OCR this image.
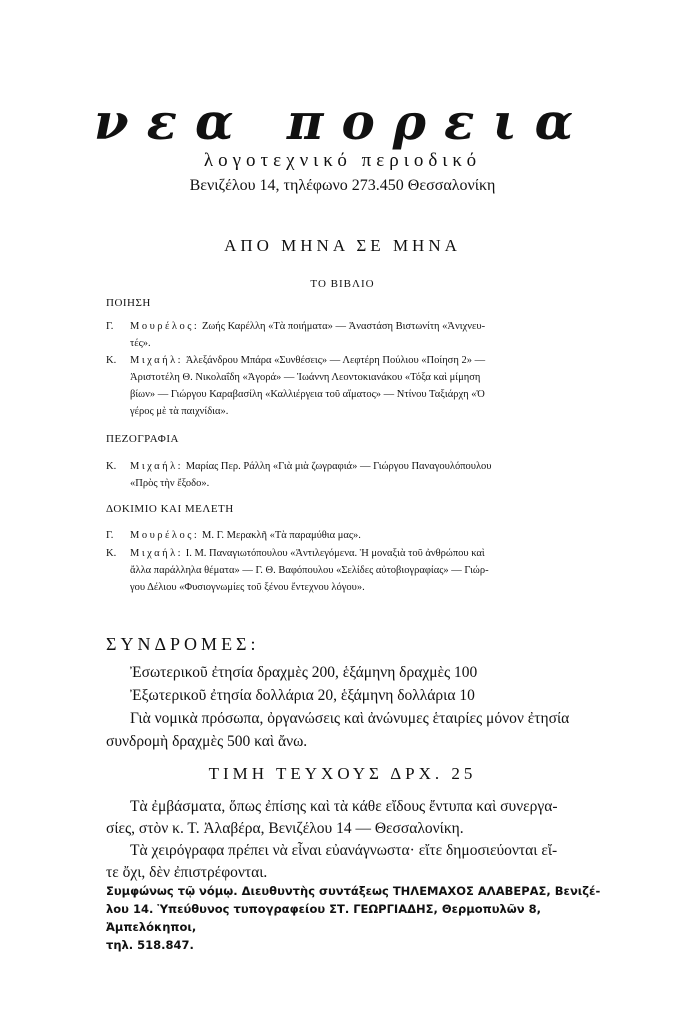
νεα πορεια
λογοτεχνικό περιοδικό
Βενιζέλου 14, τηλέφωνο 273.450 Θεσσαλονίκη
ΑΠΟ ΜΗΝΑ ΣΕ ΜΗΝΑ
ΤΟ ΒΙΒΛΙΟ
ΠΟΙΗΣΗ
Γ. Μουρέλος: Ζωής Καρέλλη «Τὰ ποιήματα» — Ἀναστάση Βιστωνίτη «Ἀνιχνευ-
τές».
Κ. Μιχαήλ: Ἀλεξάνδρου Μπάρα «Συνθέσεις» — Λεφτέρη Πούλιου «Ποίηση 2» —
Ἀριστοτέλη Θ. Νικολαΐδη «Ἀγορά» — Ἰωάννη Λεοντοκιανάκου «Τόξα καὶ μίμηση
βίων» — Γιώργου Καραβασίλη «Καλλιέργεια τοῦ αἵματος» — Ντίνου Ταξιάρχη «Ὁ
γέρος μὲ τὰ παιχνίδια».
ΠΕΖΟΓΡΑΦΙΑ
Κ. Μιχαήλ: Μαρίας Περ. Ράλλη «Γιὰ μιὰ ζωγραφιά» — Γιώργου Παναγουλόπουλου
«Πρὸς τὴν ἔξοδο».
ΔΟΚΙΜΙΟ ΚΑΙ ΜΕΛΕΤΗ
Γ. Μουρέλος: Μ. Γ. Μερακλῆ «Τὰ παραμύθια μας».
Κ. Μιχαήλ: Ι. Μ. Παναγιωτόπουλου «Ἀντιλεγόμενα. Ἡ μοναξιὰ τοῦ ἀνθρώπου καὶ
ἄλλα παράλληλα θέματα» — Γ. Θ. Βαφόπουλου «Σελίδες αὐτοβιογραφίας» — Γιώρ-
γου Δέλιου «Φυσιογνωμίες τοῦ ξένου ἔντεχνου λόγου».
ΣΥΝΔΡΟΜΕΣ:
Ἐσωτερικοῦ ἐτησία δραχμὲς 200, ἑξάμηνη δραχμὲς 100
Ἐξωτερικοῦ ἐτησία δολλάρια 20, ἑξάμηνη δολλάρια 10
Γιὰ νομικὰ πρόσωπα, ὀργανώσεις καὶ ἀνώνυμες ἑταιρίες μόνον ἐτησία
συνδρομὴ δραχμὲς 500 καὶ ἄνω.
ΤΙΜΗ ΤΕΥΧΟΥΣ ΔΡΧ. 25
Τὰ ἐμβάσματα, ὅπως ἐπίσης καὶ τὰ κάθε εἴδους ἔντυπα καὶ συνεργα-
σίες, στὸν κ. Τ. Ἀλαβέρα, Βενιζέλου 14 — Θεσσαλονίκη.
Τὰ χειρόγραφα πρέπει νὰ εἶναι εὐανάγνωστα· εἴτε δημοσιεύονται εἴ-
τε ὄχι, δὲν ἐπιστρέφονται.
Συμφώνως τῷ νόμῳ. Διευθυντὴς συντάξεως ΤΗΛΕΜΑΧΟΣ ΑΛΑΒΕΡΑΣ, Βενιζέ-
λου 14. Ὑπεύθυνος τυπογραφείου ΣΤ. ΓΕΩΡΓΙΑΔΗΣ, Θερμοπυλῶν 8, Ἀμπελόκηποι,
τηλ. 518.847.
